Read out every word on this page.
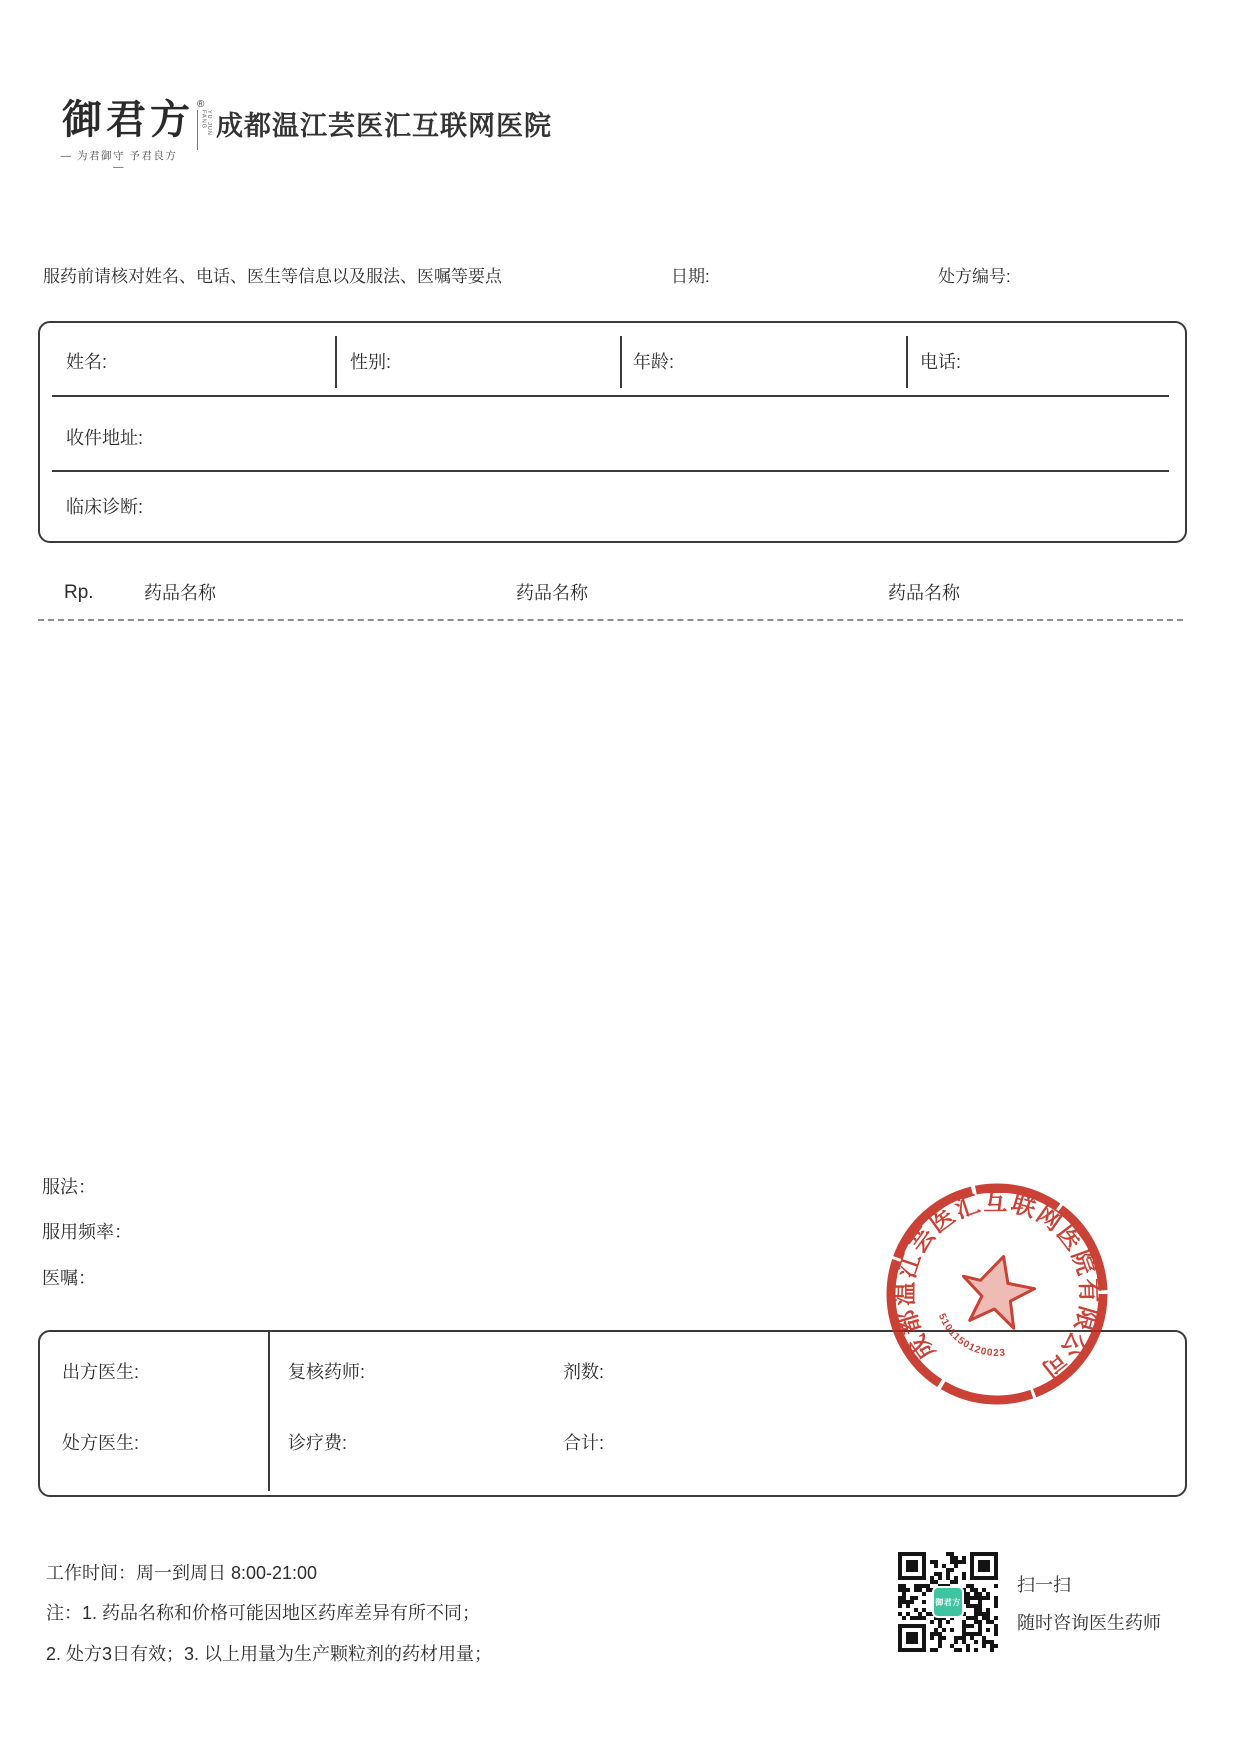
御君方 ®
YU JUN FANG
— 为君御守 予君良方 —
成都温江芸医汇互联网医院
服药前请核对姓名、电话、医生等信息以及服法、医嘱等要点	日期:	处方编号:
姓名:	性别:	年龄:	电话:
收件地址:
临床诊断:
Rp.	药品名称	药品名称	药品名称
服法：
服用频率：
医嘱：
出方医生:
处方医生:
复核药师:	剂数:
诊疗费:	合计:
成都温江芸医汇互联网医院有限公司
5101150120023
工作时间：周一到周日 8:00-21:00
注：1. 药品名称和价格可能因地区药库差异有所不同；
2. 处方3日有效；3. 以上用量为生产颗粒剂的药材用量；
御君方
扫一扫
随时咨询医生药师
